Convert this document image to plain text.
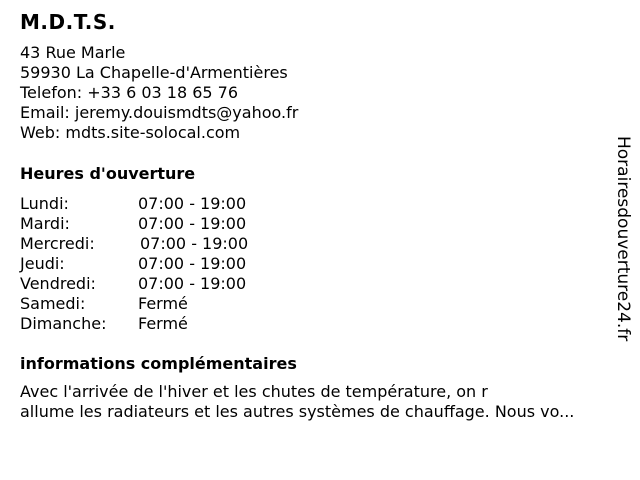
M.D.T.S.
43 Rue Marle
59930 La Chapelle-d'Armentières
Telefon: +33 6 03 18 65 76
Email: jeremy.douismdts@yahoo.fr
Web: mdts.site-solocal.com
Heures d'ouverture
Lundi:	07:00 - 19:00
Mardi:	07:00 - 19:00
Mercredi:	07:00 - 19:00
Jeudi:	07:00 - 19:00
Vendredi:	07:00 - 19:00
Samedi:	Fermé
Dimanche:	Fermé
informations complémentaires
Avec l'arrivée de l'hiver et les chutes de température, on r
allume les radiateurs et les autres systèmes de chauffage. Nous vo...
Horairesdouverture24.fr
